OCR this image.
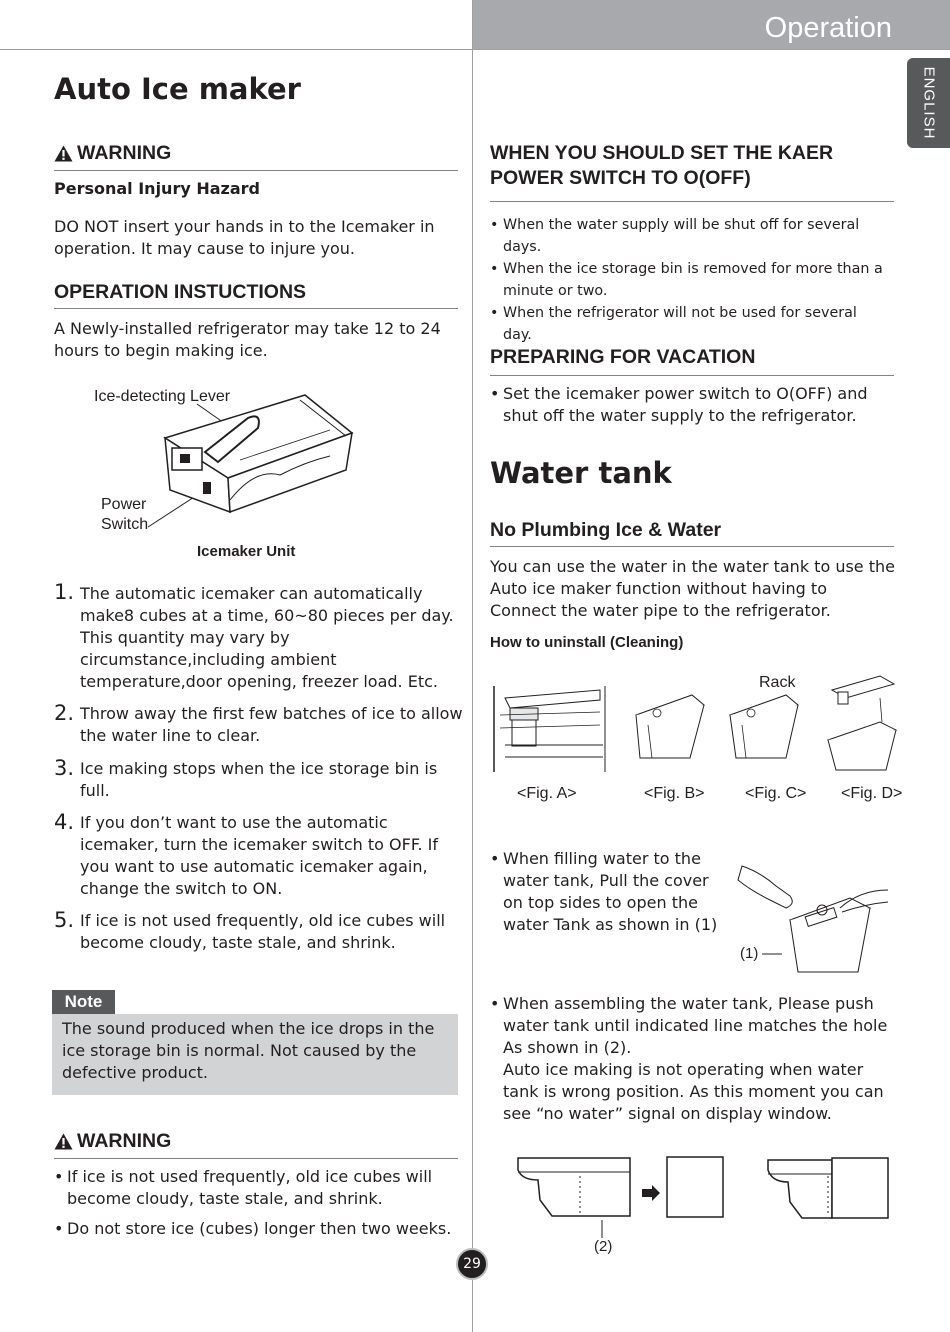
Operation
ENGLISH
Auto Ice maker
WARNING
Personal Injury Hazard
DO NOT insert your hands in to the Icemaker in operation. It may cause to injure you.
OPERATION INSTUCTIONS
A Newly-installed refrigerator may take 12 to 24 hours to begin making ice.
Ice-detecting Lever
Power
Switch
Icemaker Unit
1. The automatic icemaker can automatically make8 cubes at a time, 60~80 pieces per day. This quantity may vary by circumstance,including ambient temperature,door opening, freezer load. Etc.
2. Throw away the first few batches of ice to allow the water line to clear.
3. Ice making stops when the ice storage bin is full.
4. If you don’t want to use the automatic icemaker, turn the icemaker switch to OFF. If you want to use automatic icemaker again, change the switch to ON.
5. If ice is not used frequently, old ice cubes will become cloudy, taste stale, and shrink.
Note
The sound produced when the ice drops in the ice storage bin is normal. Not caused by the defective product.
WARNING
• If ice is not used frequently, old ice cubes will become cloudy, taste stale, and shrink.
• Do not store ice (cubes) longer then two weeks.
WHEN YOU SHOULD SET THE KAER
POWER SWITCH TO O(OFF)
• When the water supply will be shut off for several days.
• When the ice storage bin is removed for more than a minute or two.
• When the refrigerator will not be used for several day.
PREPARING FOR VACATION
• Set the icemaker power switch to O(OFF) and shut off the water supply to the refrigerator.
Water tank
No Plumbing Ice & Water
You can use the water in the water tank to use the Auto ice maker function without having to Connect the water pipe to the refrigerator.
How to uninstall (Cleaning)
Rack
<Fig. A>	<Fig. B>	<Fig. C> <Fig. D>
• When filling water to the water tank, Pull the cover on top sides to open the water Tank as shown in (1)
(1)
• When assembling the water tank, Please push water tank until indicated line matches the hole As shown in (2).
Auto ice making is not operating when water tank is wrong position. As this moment you can see “no water” signal on display window.
(2)
29
